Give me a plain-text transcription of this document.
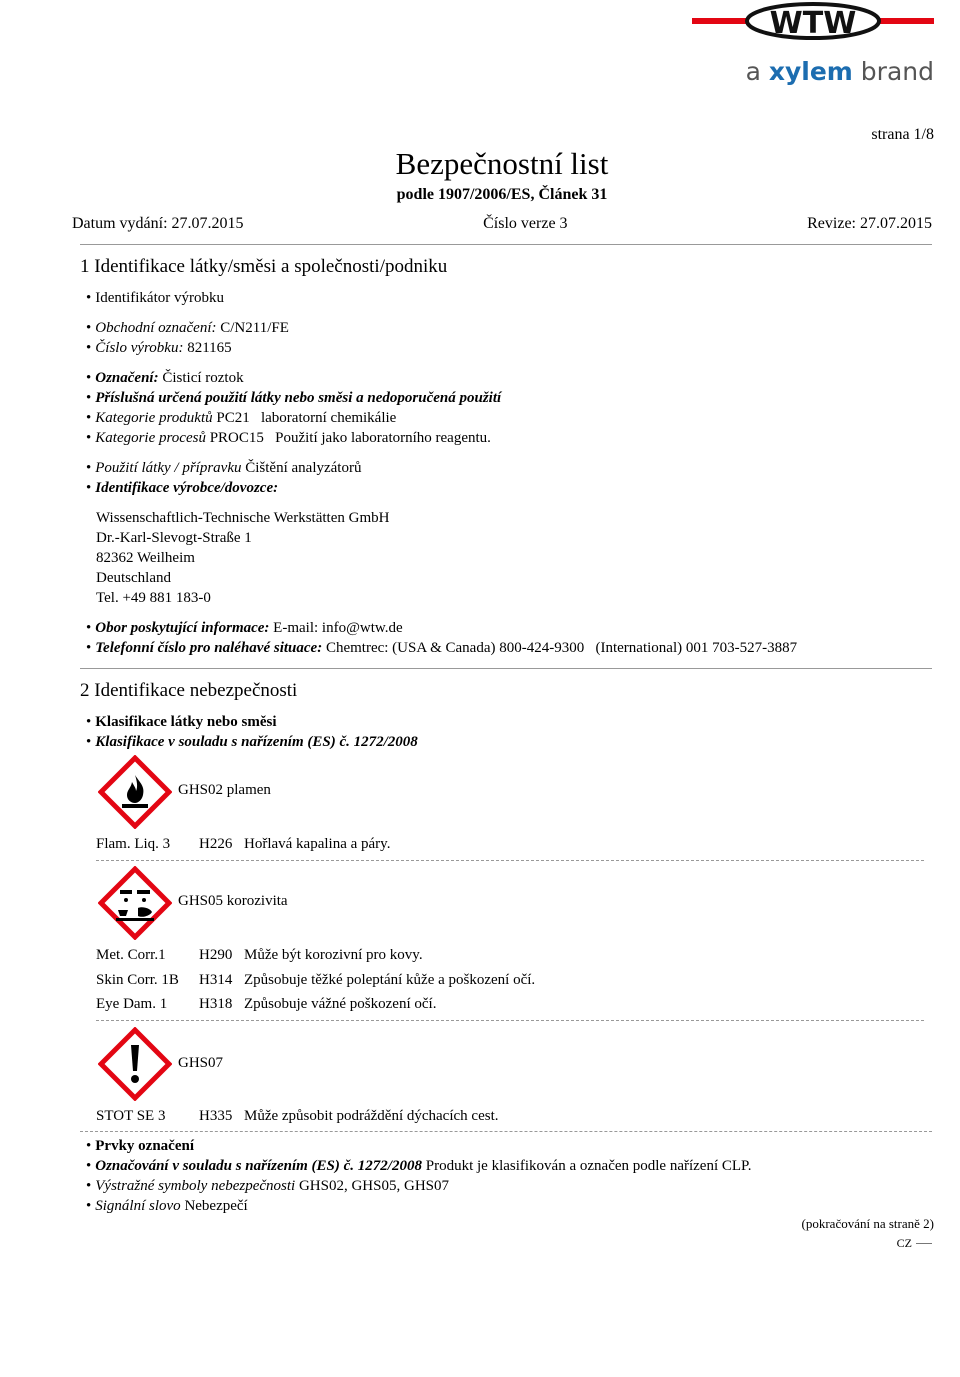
WTW
a xylem brand
strana 1/8
Bezpečnostní list
podle 1907/2006/ES, Článek 31
Datum vydání: 27.07.2015	Číslo verze 3	Revize: 27.07.2015
1 Identifikace látky/směsi a společnosti/podniku
• Identifikátor výrobku
• Obchodní označení: C/N211/FE
• Číslo výrobku: 821165
• Označení: Čisticí roztok
• Příslušná určená použití látky nebo směsi a nedoporučená použití
• Kategorie produktů PC21   laboratorní chemikálie
• Kategorie procesů PROC15   Použití jako laboratorního reagentu.
• Použití látky / přípravku Čištění analyzátorů
• Identifikace výrobce/dovozce:
Wissenschaftlich-Technische Werkstätten GmbH
Dr.-Karl-Slevogt-Straße 1
82362 Weilheim
Deutschland
Tel. +49 881 183-0
• Obor poskytující informace: E-mail: info@wtw.de
• Telefonní číslo pro naléhavé situace: Chemtrec: (USA & Canada) 800-424-9300   (International) 001 703-527-3887
2 Identifikace nebezpečnosti
• Klasifikace látky nebo směsi
• Klasifikace v souladu s nařízením (ES) č. 1272/2008
GHS02 plamen
Flam. Liq. 3 H226 Hořlavá kapalina a páry.
GHS05 korozivita
Met. Corr.1 H290 Může být korozivní pro kovy.
Skin Corr. 1B H314 Způsobuje těžké poleptání kůže a poškození očí.
Eye Dam. 1 H318 Způsobuje vážné poškození očí.
GHS07
STOT SE 3 H335 Může způsobit podráždění dýchacích cest.
• Prvky označení
• Označování v souladu s nařízením (ES) č. 1272/2008 Produkt je klasifikován a označen podle nařízení CLP.
• Výstražné symboly nebezpečnosti GHS02, GHS05, GHS07
• Signální slovo Nebezpečí
(pokračování na straně 2)
CZ
